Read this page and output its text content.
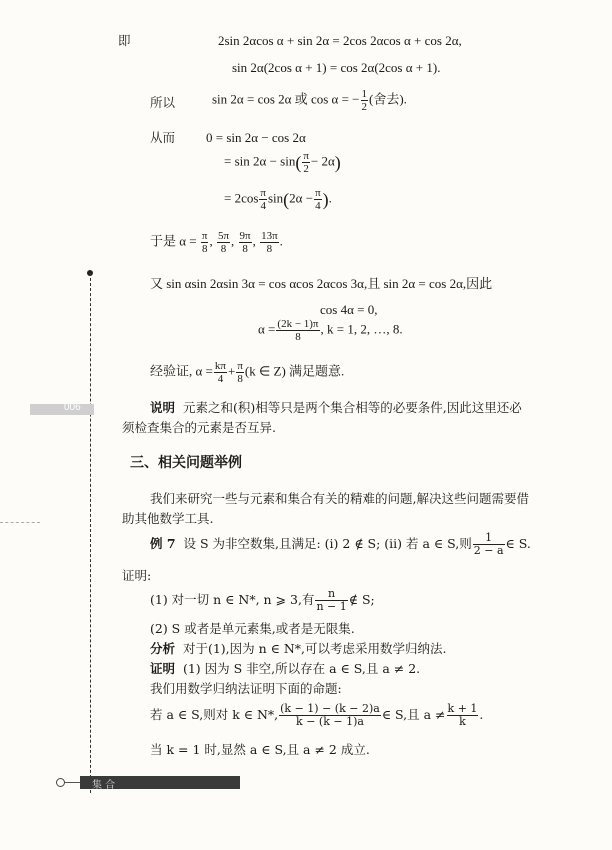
006
即	2sin 2αcos α + sin 2α = 2cos 2αcos α + cos 2α,
sin 2α(2cos α + 1) = cos 2α(2cos α + 1).
所以	sin 2α = cos 2α 或 cos α = − $\frac{1}{2}$ (舍去).
从而 0 = sin 2α − cos 2α
= $\sin 2\alpha - \sin( \frac{\pi}{2} - 2\alpha)$
= $2\cos \frac{\pi}{4} \sin(2\alpha - \frac{\pi}{4}$ ).
于是 $\alpha = \frac{\pi}{8}$ , $\frac{5\pi}{8}$ , $\frac{9\pi}{8}$ , $\frac{13\pi}{8}$ .
又 sin αsin 2αsin 3α = cos αcos 2αcos 3α,且 sin 2α = cos 2α,因此
cos 4α = 0,
$\alpha = \frac{(2k - 1)\pi}{8}$ , k = 1, 2, …, 8.
经验证, $\alpha = \frac{k\pi}{4} + \frac{\pi}{8} (k$ ∈ Z) 满足题意.
说明 元素之和(积)相等只是两个集合相等的必要条件,因此这里还必
须检查集合的元素是否互异.
三、相关问题举例
我们来研究一些与元素和集合有关的精难的问题,解决这些问题需要借
助其他数学工具.
例 7 设 S 为非空数集,且满足: (i) 2 ∉ S; (ii) 若 a ∈ S,则 $\frac{1}{2 - a}$ ∈ S.
证明:
(1) 对一切 n ∈ N*, n ⩾ 3,有 $\frac{n}{n - 1}$ ∉ S;
(2) S 或者是单元素集,或者是无限集.
分析 对于(1),因为 n ∈ N*,可以考虑采用数学归纳法.
证明 (1) 因为 S 非空,所以存在 a ∈ S,且 a ≠ 2.
我们用数学归纳法证明下面的命题:
若 a ∈ S,则对 k ∈ N*, $\frac{(k - 1) - (k - 2)a}{k - (k - 1)a}$ ∈ S,且 $a \ne \frac{k + 1}{k}$ .
当 k = 1 时,显然 a ∈ S,且 a ≠ 2 成立.
集 合
